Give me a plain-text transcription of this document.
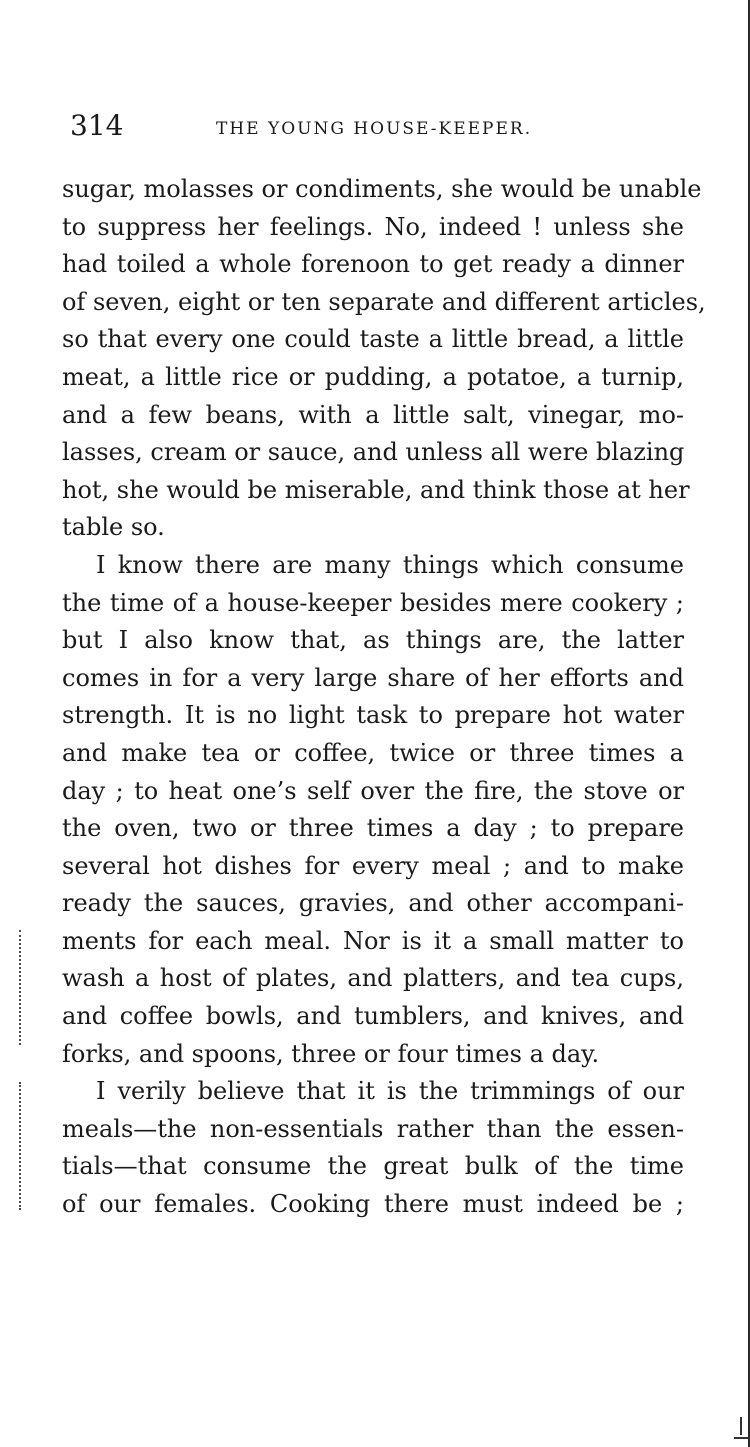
314	THE YOUNG HOUSE-KEEPER.
sugar, molasses or condiments, she would be unable
to suppress her feelings. No, indeed ! unless she
had toiled a whole forenoon to get ready a dinner
of seven, eight or ten separate and different articles,
so that every one could taste a little bread, a little
meat, a little rice or pudding, a potatoe, a turnip,
and a few beans, with a little salt, vinegar, mo-
lasses, cream or sauce, and unless all were blazing
hot, she would be miserable, and think those at her
table so.
I know there are many things which consume
the time of a house-keeper besides mere cookery ;
but I also know that, as things are, the latter
comes in for a very large share of her efforts and
strength. It is no light task to prepare hot water
and make tea or coffee, twice or three times a
day ; to heat one’s self over the fire, the stove or
the oven, two or three times a day ; to prepare
several hot dishes for every meal ; and to make
ready the sauces, gravies, and other accompani-
ments for each meal. Nor is it a small matter to
wash a host of plates, and platters, and tea cups,
and coffee bowls, and tumblers, and knives, and
forks, and spoons, three or four times a day.
I verily believe that it is the trimmings of our
meals—the non-essentials rather than the essen-
tials—that consume the great bulk of the time
of our females. Cooking there must indeed be ;
